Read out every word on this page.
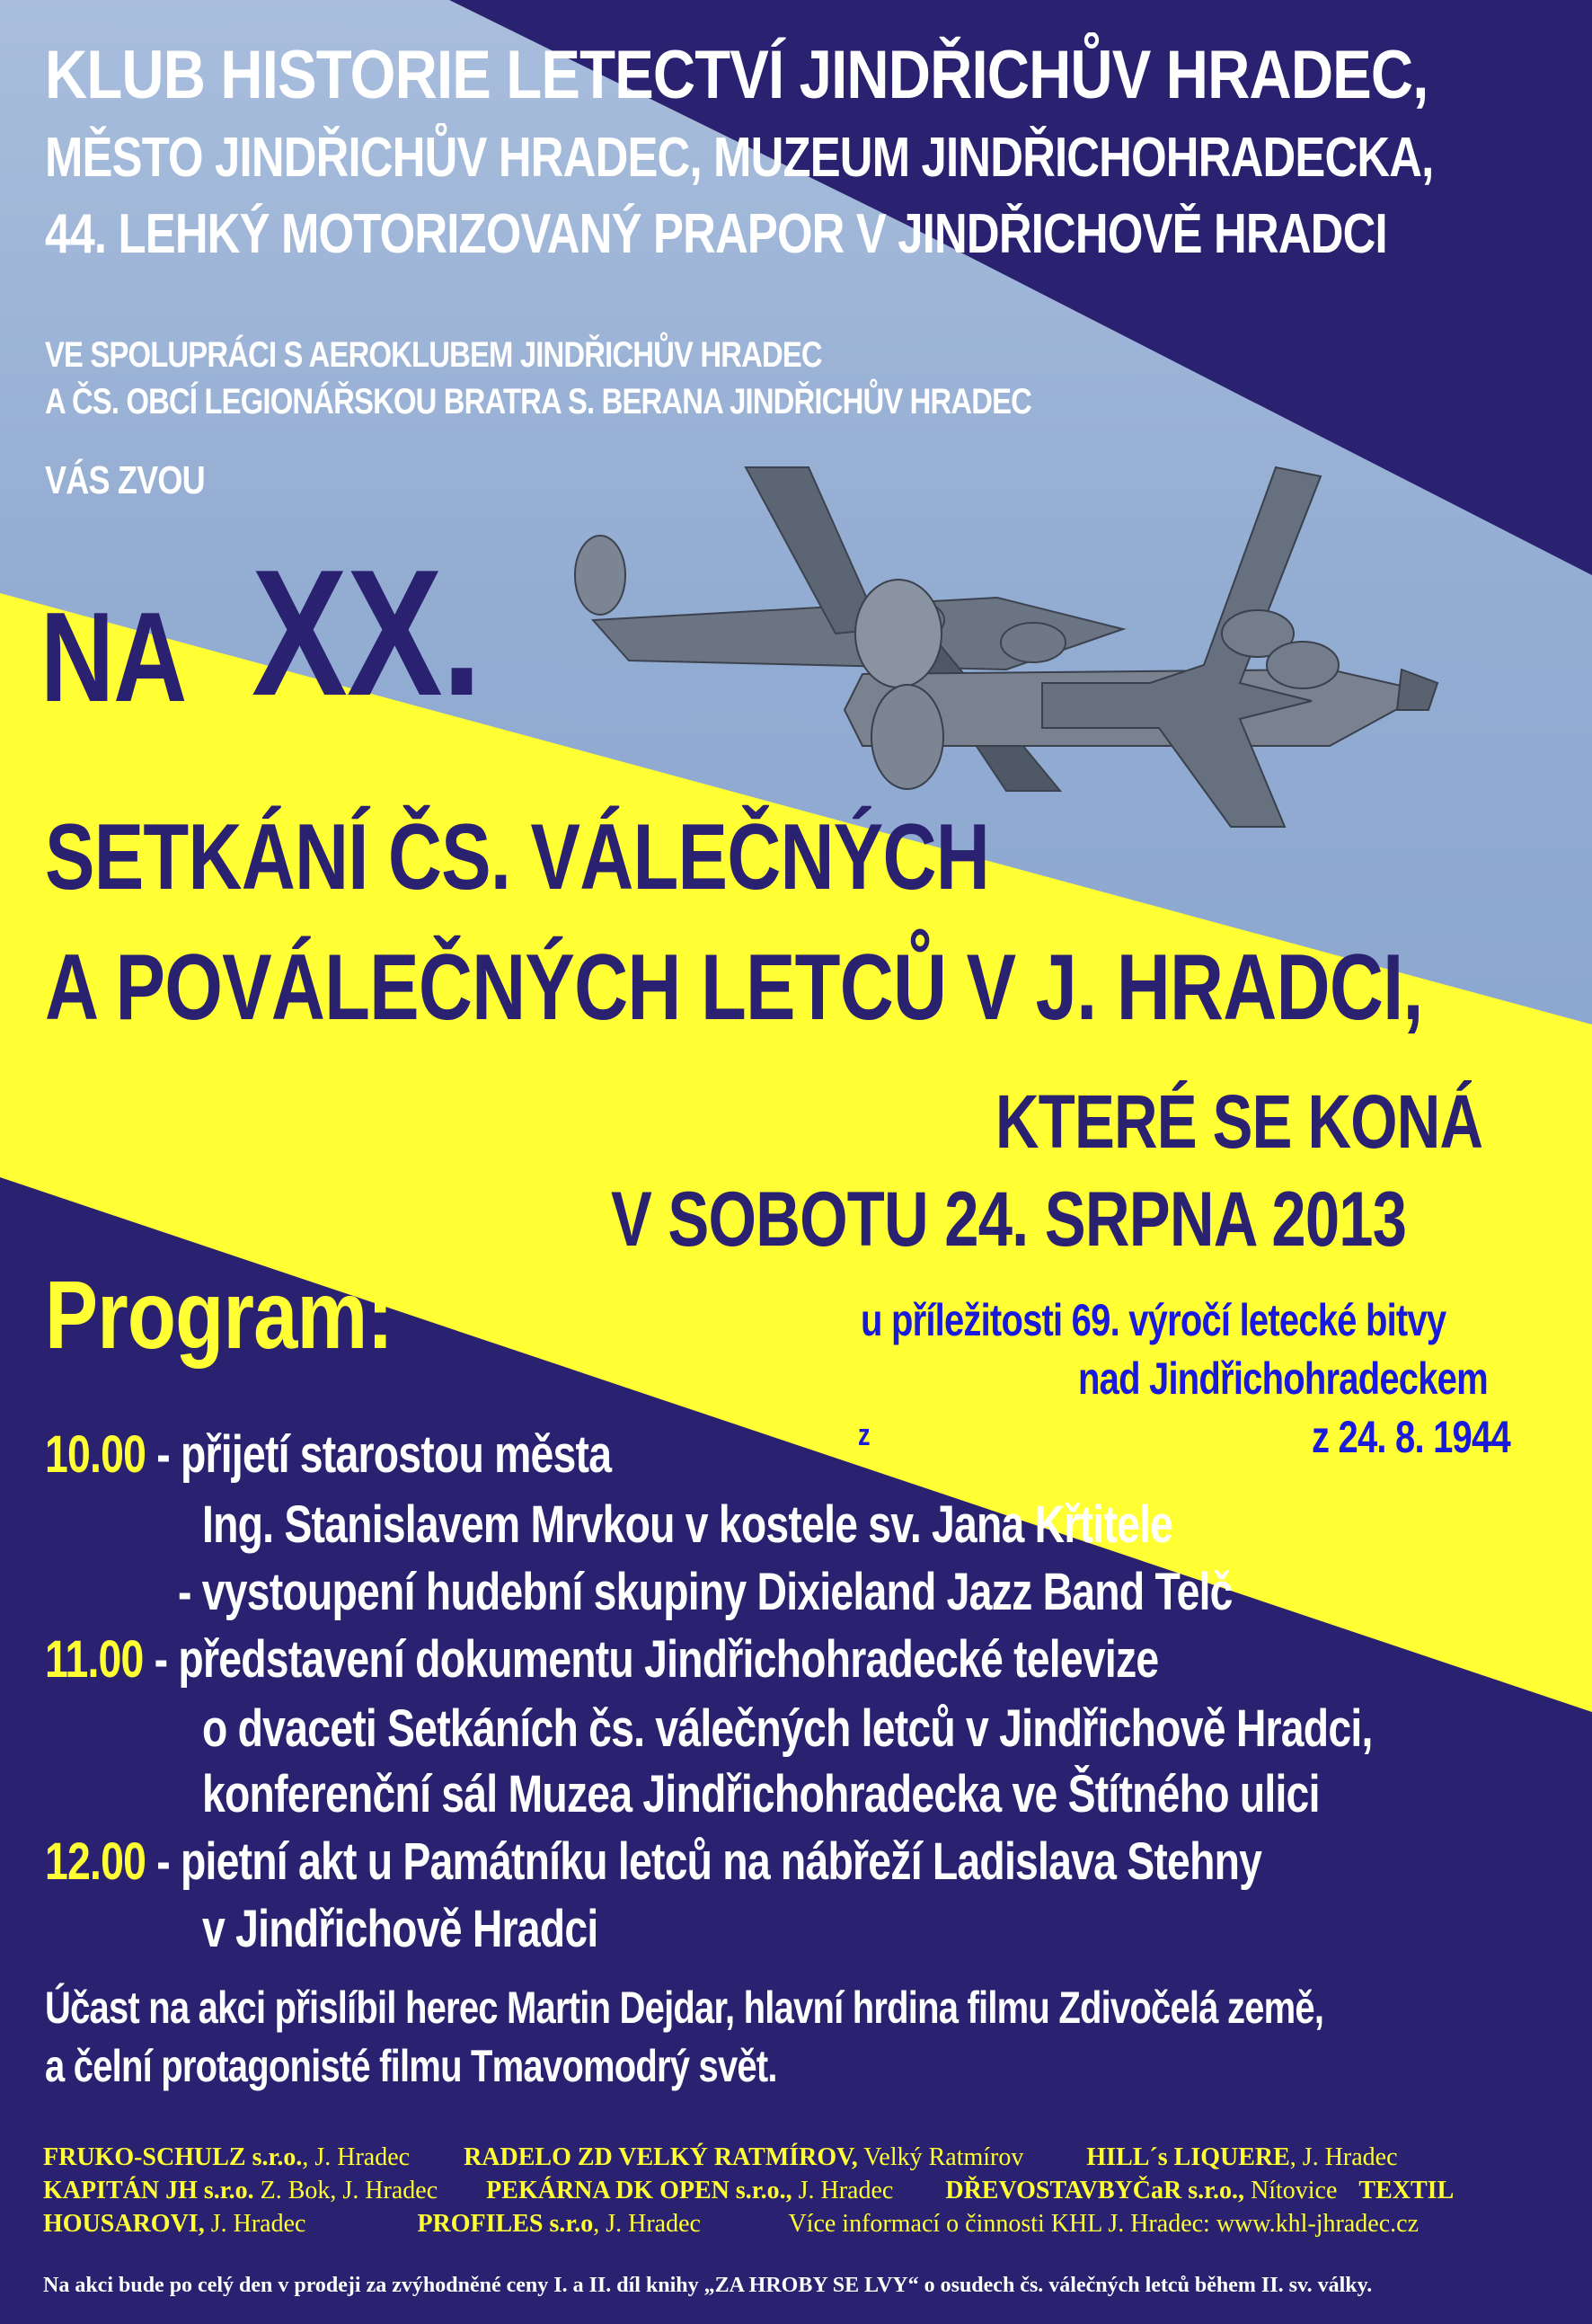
KLUB HISTORIE LETECTVÍ JINDŘICHŮV HRADEC,
MĚSTO JINDŘICHŮV HRADEC, MUZEUM JINDŘICHOHRADECKA,
44. LEHKÝ MOTORIZOVANÝ PRAPOR V JINDŘICHOVĚ HRADCI
VE SPOLUPRÁCI S AEROKLUBEM JINDŘICHŮV HRADEC
A ČS. OBCÍ LEGIONÁŘSKOU BRATRA S. BERANA JINDŘICHŮV HRADEC
VÁS ZVOU
NA XX.
SETKÁNÍ ČS. VÁLEČNÝCH
A POVÁLEČNÝCH LETCŮ V J. HRADCI,
KTERÉ SE KONÁ
V SOBOTU 24. SRPNA 2013
u příležitosti 69. výročí letecké bitvy
nad Jindřichohradeckem
z 24. 8. 1944
z
Program:
10.00 - přijetí starostou města
Ing. Stanislavem Mrvkou v kostele sv. Jana Křtitele
- vystoupení hudební skupiny Dixieland Jazz Band Telč
11.00 - představení dokumentu Jindřichohradecké televize
o dvaceti Setkáních čs. válečných letců v Jindřichově Hradci,
konferenční sál Muzea Jindřichohradecka ve Štítného ulici
12.00 - pietní akt u Památníku letců na nábřeží Ladislava Stehny
v Jindřichově Hradci
Účast na akci přislíbil herec Martin Dejdar, hlavní hrdina filmu Zdivočelá země,
a čelní protagonisté filmu Tmavomodrý svět.
FRUKO-SCHULZ s.r.o., J. Hradec RADELO ZD VELKÝ RATMÍROV, Velký Ratmírov	HILL´s LIQUERE, J. Hradec
KAPITÁN JH s.r.o. Z. Bok, J. Hradec PEKÁRNA DK OPEN s.r.o., J. Hradec DŘEVOSTAVBYČaR s.r.o., Nítovice TEXTIL
HOUSAROVI, J. Hradec	PROFILES s.r.o, J. Hradec	Více informací o činnosti KHL J. Hradec: www.khl-jhradec.cz
Na akci bude po celý den v prodeji za zvýhodněné ceny I. a II. díl knihy „ZA HROBY SE LVY“ o osudech čs. válečných letců během II. sv. války.
